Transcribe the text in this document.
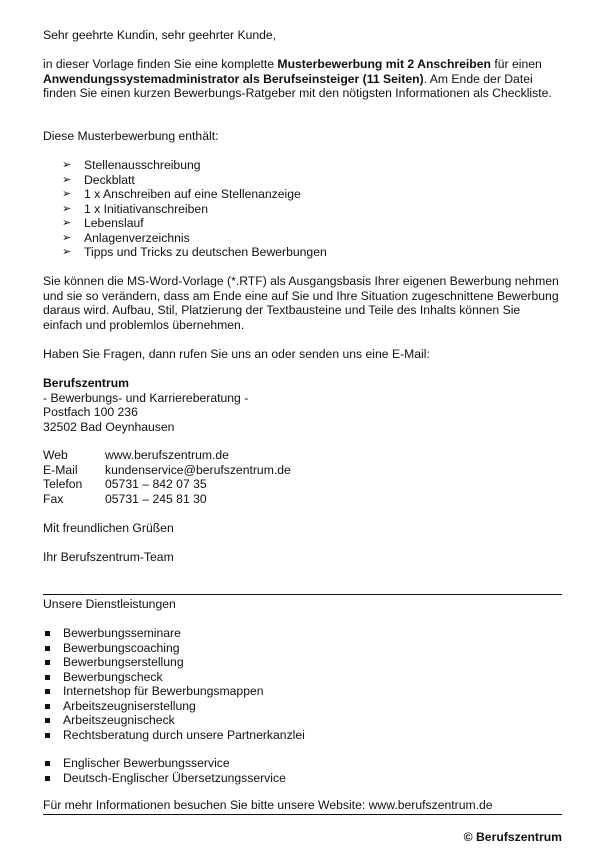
Sehr geehrte Kundin, sehr geehrter Kunde,
in dieser Vorlage finden Sie eine komplette Musterbewerbung mit 2 Anschreiben für einen Anwendungssystemadministrator als Berufseinsteiger (11 Seiten). Am Ende der Datei finden Sie einen kurzen Bewerbungs-Ratgeber mit den nötigsten Informationen als Checkliste.
Diese Musterbewerbung enthält:
➢ Stellenausschreibung
➢ Deckblatt
➢ 1 x Anschreiben auf eine Stellenanzeige
➢ 1 x Initiativanschreiben
➢ Lebenslauf
➢ Anlagenverzeichnis
➢ Tipps und Tricks zu deutschen Bewerbungen
Sie können die MS-Word-Vorlage (*.RTF) als Ausgangsbasis Ihrer eigenen Bewerbung nehmen und sie so verändern, dass am Ende eine auf Sie und Ihre Situation zugeschnittene Bewerbung daraus wird. Aufbau, Stil, Platzierung der Textbausteine und Teile des Inhalts können Sie einfach und problemlos übernehmen.
Haben Sie Fragen, dann rufen Sie uns an oder senden uns eine E-Mail:
Berufszentrum
- Bewerbungs- und Karriereberatung -
Postfach 100 236
32502 Bad Oeynhausen
Web	www.berufszentrum.de
E-Mail kundenservice@berufszentrum.de
Telefon 05731 – 842 07 35
Fax	05731 – 245 81 30
Mit freundlichen Grüßen
Ihr Berufszentrum-Team
Unsere Dienstleistungen
Bewerbungsseminare
Bewerbungscoaching
Bewerbungserstellung
Bewerbungscheck
Internetshop für Bewerbungsmappen
Arbeitszeugniserstellung
Arbeitszeugnischeck
Rechtsberatung durch unsere Partnerkanzlei
Englischer Bewerbungsservice
Deutsch-Englischer Übersetzungsservice
Für mehr Informationen besuchen Sie bitte unsere Website: www.berufszentrum.de
© Berufszentrum
